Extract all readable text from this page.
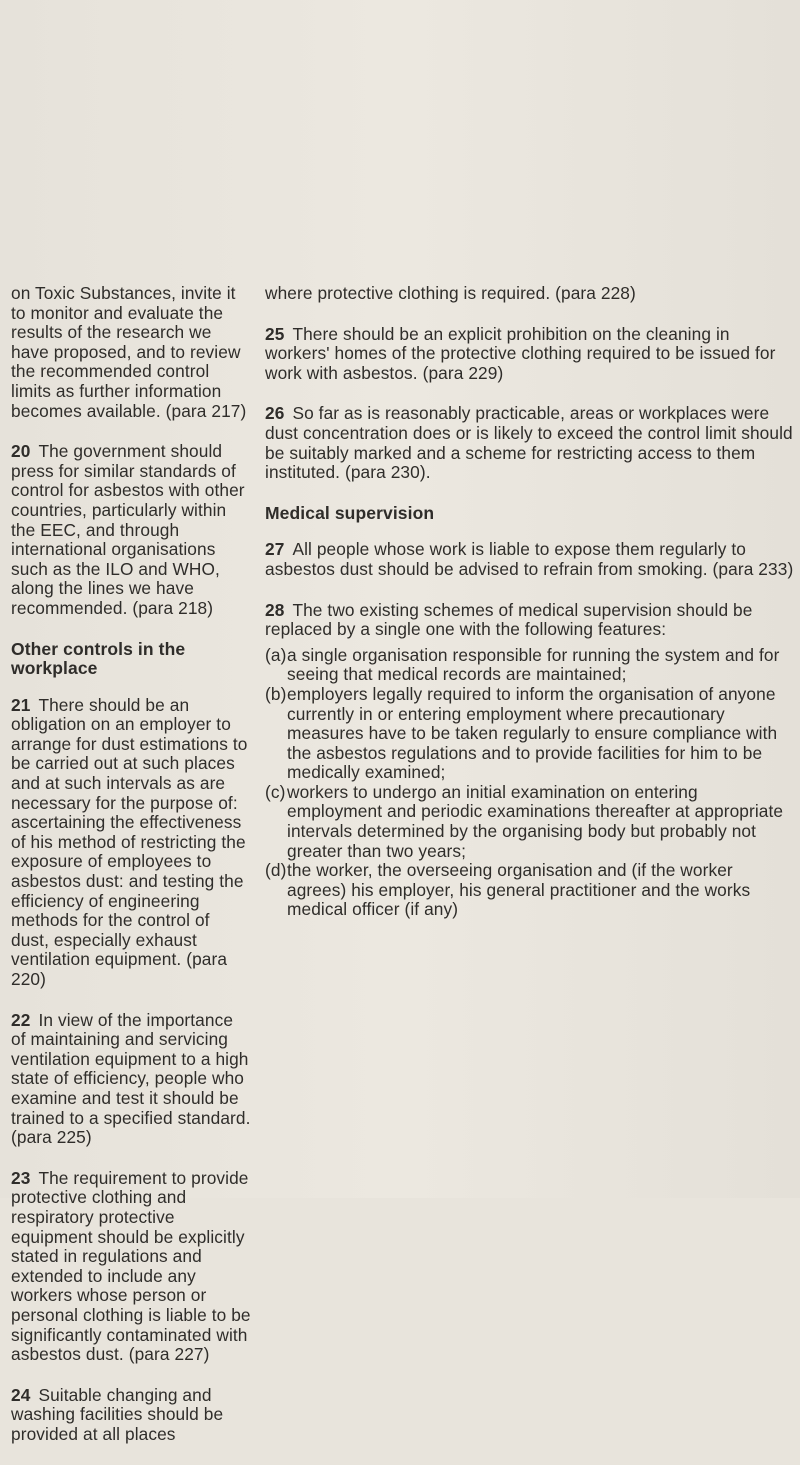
on Toxic Substances, invite it to monitor and evaluate the results of the research we have proposed, and to review the recommended control limits as further information becomes available. (para 217)

20 The government should press for similar standards of control for asbestos with other countries, particularly within the EEC, and through international organisations such as the ILO and WHO, along the lines we have recommended. (para 218)

Other controls in the workplace

21 There should be an obligation on an employer to arrange for dust estimations to be carried out at such places and at such intervals as are necessary for the purpose of: ascertaining the effectiveness of his method of restricting the exposure of employees to asbestos dust: and testing the efficiency of engineering methods for the control of dust, especially exhaust ventilation equipment. (para 220)

22 In view of the importance of maintaining and servicing ventilation equipment to a high state of efficiency, people who examine and test it should be trained to a specified standard. (para 225)

23 The requirement to provide protective clothing and respiratory protective equipment should be explicitly stated in regulations and extended to include any workers whose person or personal clothing is liable to be significantly contaminated with asbestos dust. (para 227)

24 Suitable changing and washing facilities should be provided at all places

where protective clothing is required. (para 228)

25 There should be an explicit prohibition on the cleaning in workers' homes of the protective clothing required to be issued for work with asbestos. (para 229)

26 So far as is reasonably practicable, areas or workplaces were dust concentration does or is likely to exceed the control limit should be suitably marked and a scheme for restricting access to them instituted. (para 230).

Medical supervision

27 All people whose work is liable to expose them regularly to asbestos dust should be advised to refrain from smoking. (para 233)

28 The two existing schemes of medical supervision should be replaced by a single one with the following features:

(a)a single organisation responsible for running the system and for seeing that medical records are maintained;
(b)employers legally required to inform the organisation of anyone currently in or entering employment where precautionary measures have to be taken regularly to ensure compliance with the asbestos regulations and to provide facilities for him to be medically examined;
(c)workers to undergo an initial examination on entering employment and periodic examinations thereafter at appropriate intervals determined by the organising body but probably not greater than two years;
(d)the worker, the overseeing organisation and (if the worker agrees) his employer, his general practitioner and the works medical officer (if any)
